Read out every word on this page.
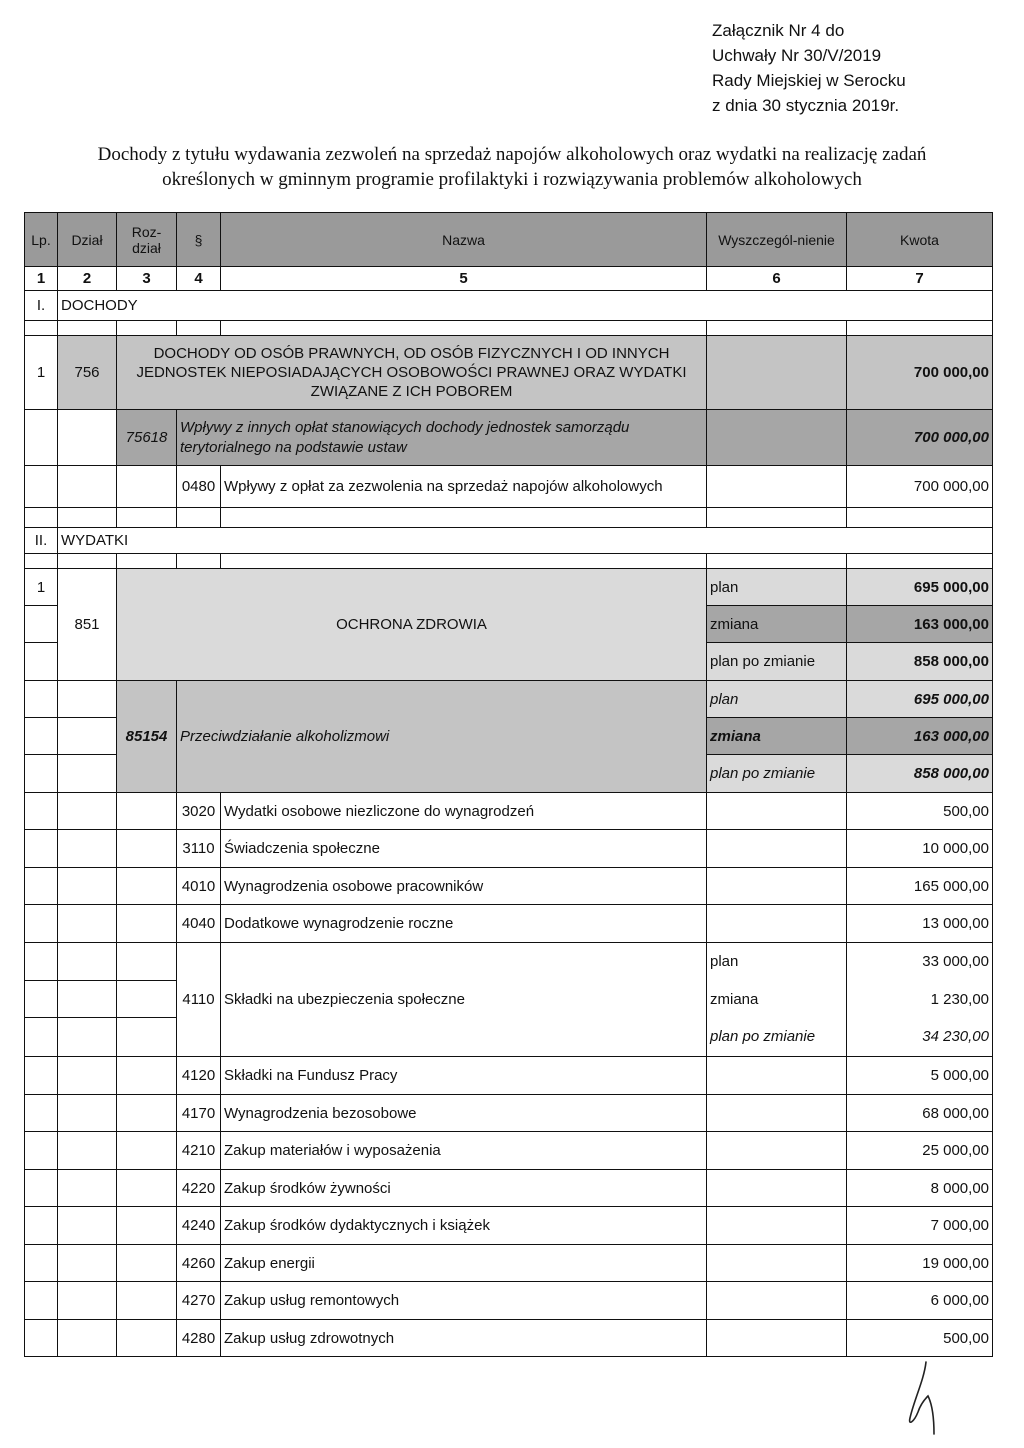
Załącznik Nr 4 do
Uchwały Nr 30/V/2019
Rady Miejskiej w Serocku
z dnia 30 stycznia 2019r.
Dochody z tytułu wydawania zezwoleń na sprzedaż napojów alkoholowych oraz wydatki na realizację zadań
określonych w gminnym programie profilaktyki i rozwiązywania problemów alkoholowych
Lp.	Dział	Roz-dział	§	Nazwa	Wyszczegól-nienie	Kwota
1	2	3	4	5	6	7
I.	DOCHODY					

1	756	DOCHODY OD OSÓB PRAWNYCH, OD OSÓB FIZYCZNYCH I OD INNYCH JEDNOSTEK NIEPOSIADAJĄCYCH OSOBOWOŚCI PRAWNEJ ORAZ WYDATKI ZWIĄZANE Z ICH POBOREM				700 000,00
		75618	Wpływy z innych opłat stanowiących dochody jednostek samorządu terytorialnego na podstawie ustaw			700 000,00
			0480	Wpływy z opłat za zezwolenia na sprzedaż napojów alkoholowych		700 000,00

II.	WYDATKI					

1	851	OCHRONA ZDROWIA			plan	695 000,00
					zmiana	163 000,00
					plan po zmianie	858 000,00
		85154	Przeciwdziałanie alkoholizmowi		plan	695 000,00
					zmiana	163 000,00
					plan po zmianie	858 000,00
			3020	Wydatki osobowe niezliczone do wynagrodzeń		500,00
			3110	Świadczenia społeczne		10 000,00
			4010	Wynagrodzenia osobowe pracowników		165 000,00
			4040	Dodatkowe wynagrodzenie roczne		13 000,00
			4110	Składki na ubezpieczenia społeczne	plan	33 000,00
					zmiana	1 230,00
					plan po zmianie	34 230,00
			4120	Składki na Fundusz Pracy		5 000,00
			4170	Wynagrodzenia bezosobowe		68 000,00
			4210	Zakup materiałów i wyposażenia		25 000,00
			4220	Zakup środków żywności		8 000,00
			4240	Zakup środków dydaktycznych i książek		7 000,00
			4260	Zakup energii		19 000,00
			4270	Zakup usług remontowych		6 000,00
			4280	Zakup usług zdrowotnych		500,00
